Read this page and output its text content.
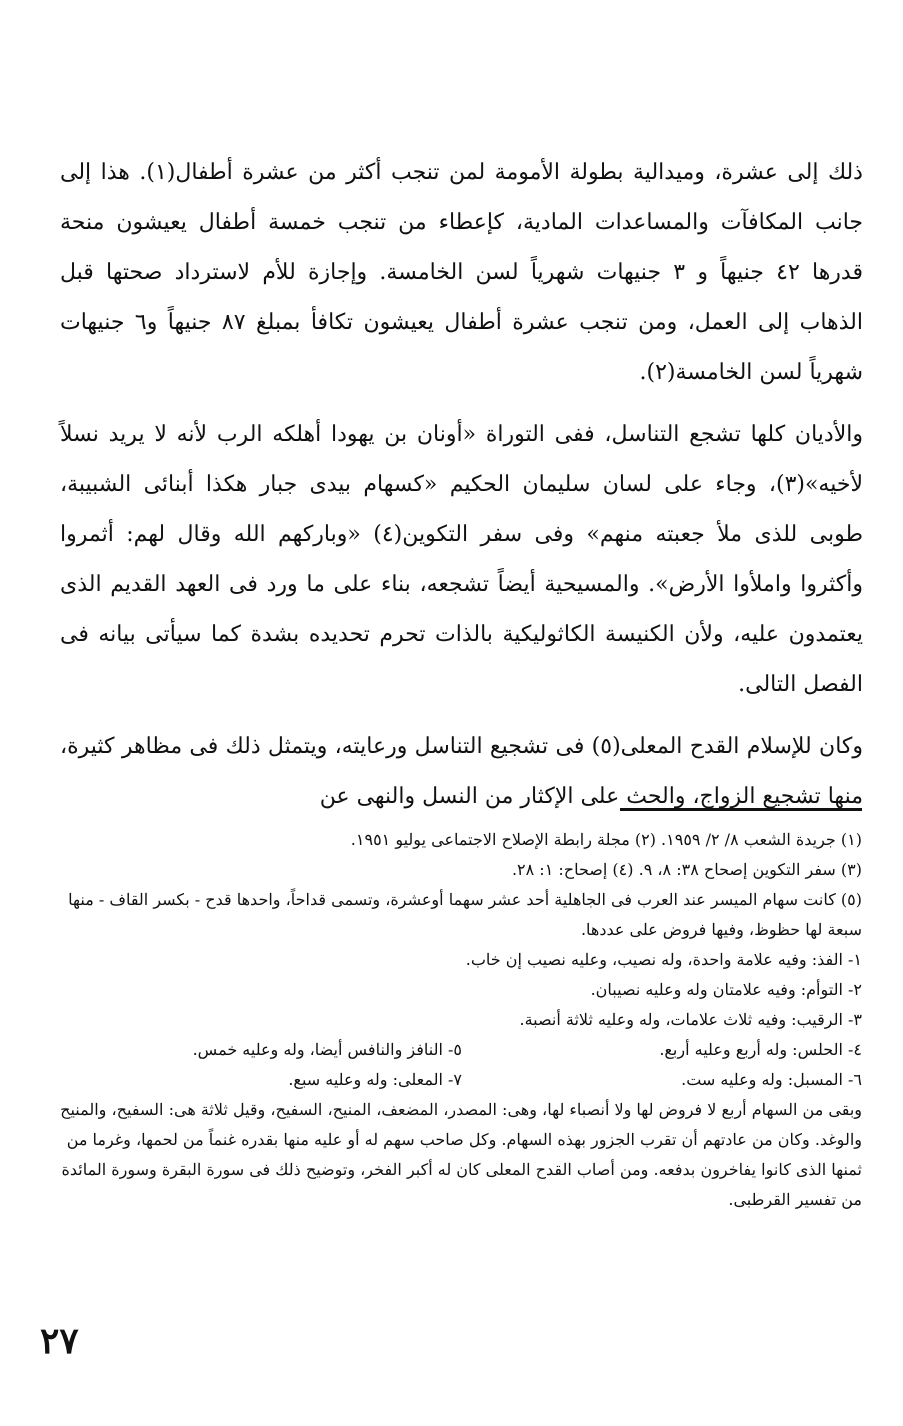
ذلك إلى عشرة، وميدالية بطولة الأمومة لمن تنجب أكثر من عشرة أطفال(١). هذا إلى جانب المكافآت والمساعدات المادية، كإعطاء من تنجب خمسة أطفال يعيشون منحة قدرها ٤٢ جنيهاً و ٣ جنيهات شهرياً لسن الخامسة. وإجازة للأم لاسترداد صحتها قبل الذهاب إلى العمل، ومن تنجب عشرة أطفال يعيشون تكافأ بمبلغ ٨٧ جنيهاً و٦ جنيهات شهرياً لسن الخامسة(٢).

والأديان كلها تشجع التناسل، ففى التوراة «أونان بن يهودا أهلكه الرب لأنه لا يريد نسلاً لأخيه»(٣)، وجاء على لسان سليمان الحكيم «كسهام بيدى جبار هكذا أبنائى الشبيبة، طوبى للذى ملأ جعبته منهم» وفى سفر التكوين(٤) «وباركهم الله وقال لهم: أثمروا وأكثروا واملأوا الأرض». والمسيحية أيضاً تشجعه، بناء على ما ورد فى العهد القديم الذى يعتمدون عليه، ولأن الكنيسة الكاثوليكية بالذات تحرم تحديده بشدة كما سيأتى بيانه فى الفصل التالى.

وكان للإسلام القدح المعلى(٥) فى تشجيع التناسل ورعايته، ويتمثل ذلك فى مظاهر كثيرة، منها تشجيع الزواج، والحث على الإكثار من النسل والنهى عن

(١) جريدة الشعب ٨/ ٢/ ١٩٥٩. (٢) مجلة رابطة الإصلاح الاجتماعى يوليو ١٩٥١.
(٣) سفر التكوين إصحاح ٣٨: ٨، ٩. (٤) إصحاح: ١: ٢٨.
(٥) كانت سهام الميسر عند العرب فى الجاهلية أحد عشر سهما أوعشرة، وتسمى قداحاً، واحدها قدح - بكسر القاف - منها سبعة لها حظوظ، وفيها فروض على عددها.
١- الفذ: وفيه علامة واحدة، وله نصيب، وعليه نصيب إن خاب.
٢- التوأم: وفيه علامتان وله وعليه نصيبان.
٣- الرقيب: وفيه ثلاث علامات، وله وعليه ثلاثة أنصبة.
٤- الحلس: وله أربع وعليه أربع.
٥- النافز والنافس أيضا، وله وعليه خمس.
٦- المسبل: وله وعليه ست.
٧- المعلى: وله وعليه سبع.
وبقى من السهام أربع لا فروض لها ولا أنصباء لها، وهى: المصدر، المضعف، المنيح، السفيح، وقيل ثلاثة هى: السفيح، والمنيح والوغد. وكان من عادتهم أن تقرب الجزور بهذه السهام. وكل صاحب سهم له أو عليه منها بقدره غنماً من لحمها، وغرما من ثمنها الذى كانوا يفاخرون بدفعه. ومن أصاب القدح المعلى كان له أكبر الفخر، وتوضيح ذلك فى سورة البقرة وسورة المائدة من تفسير القرطبى.
٢٧
